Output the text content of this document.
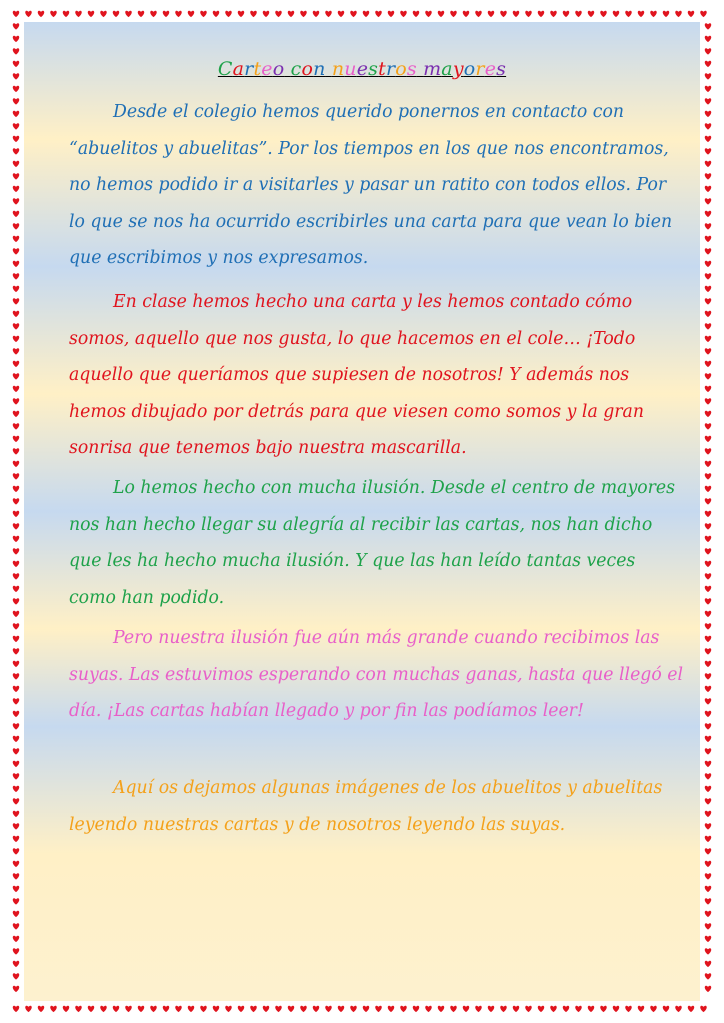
Carteo con nuestros mayores

Desde el colegio hemos querido ponernos en contacto con “abuelitos y abuelitas”. Por los tiempos en los que nos encontramos, no hemos podido ir a visitarles y pasar un ratito con todos ellos. Por lo que se nos ha ocurrido escribirles una carta para que vean lo bien que escribimos y nos expresamos.

En clase hemos hecho una carta y les hemos contado cómo somos, aquello que nos gusta, lo que hacemos en el cole… ¡Todo aquello que queríamos que supiesen de nosotros! Y además nos hemos dibujado por detrás para que viesen como somos y la gran sonrisa que tenemos bajo nuestra mascarilla.

Lo hemos hecho con mucha ilusión. Desde el centro de mayores nos han hecho llegar su alegría al recibir las cartas, nos han dicho que les ha hecho mucha ilusión. Y que las han leído tantas veces como han podido.

Pero nuestra ilusión fue aún más grande cuando recibimos las suyas. Las estuvimos esperando con muchas ganas, hasta que llegó el día. ¡Las cartas habían llegado y por fin las podíamos leer!

Aquí os dejamos algunas imágenes de los abuelitos y abuelitas leyendo nuestras cartas y de nosotros leyendo las suyas.
